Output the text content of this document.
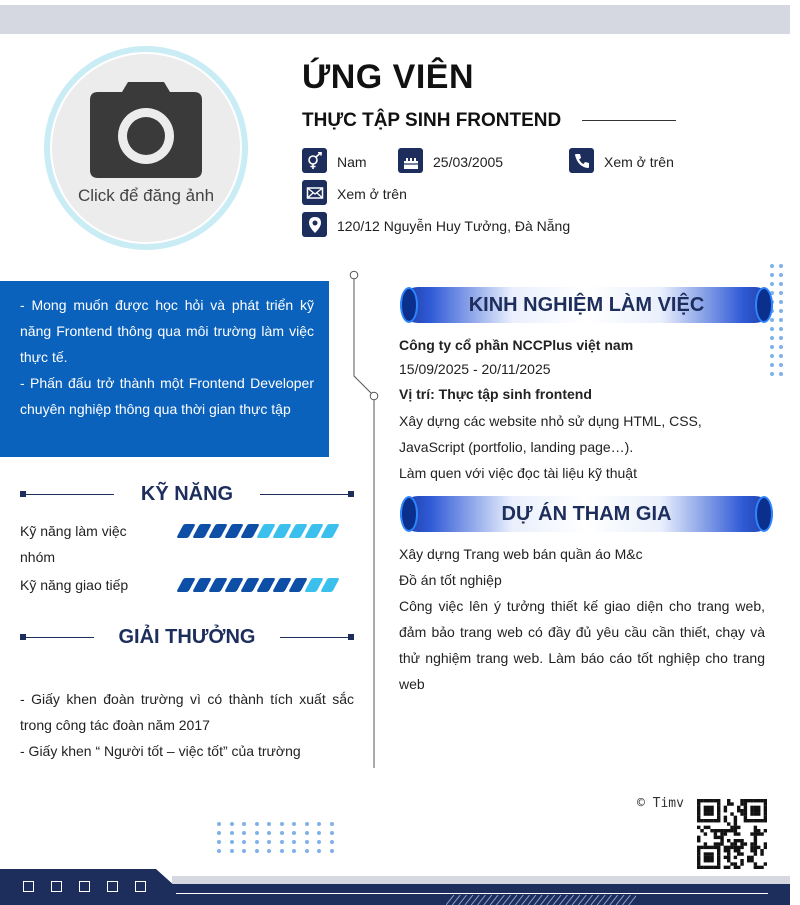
Click để đăng ảnh
ỨNG VIÊN
THỰC TẬP SINH FRONTEND
Nam	25/03/2005	Xem ở trên
Xem ở trên
120/12 Nguyễn Huy Tưởng, Đà Nẵng
- Mong muốn được học hỏi và phát triển kỹ năng Frontend thông qua môi trường làm việc thực tế.
- Phấn đấu trở thành một Frontend Developer chuyên nghiệp thông qua thời gian thực tập
KỸ NĂNG
Kỹ năng làm việc nhóm
Kỹ năng giao tiếp
GIẢI THƯỞNG
- Giấy khen đoàn trường vì có thành tích xuất sắc trong công tác đoàn năm 2017
- Giấy khen “ Người tốt – việc tốt” của trường
KINH NGHIỆM LÀM VIỆC
Công ty cổ phần NCCPlus việt nam
15/09/2025 - 20/11/2025
Vị trí: Thực tập sinh frontend
Xây dựng các website nhỏ sử dụng HTML, CSS, JavaScript (portfolio, landing page…).
Làm quen với việc đọc tài liệu kỹ thuật
DỰ ÁN THAM GIA
Xây dựng Trang web bán quần áo M&c
Đồ án tốt nghiệp
Công việc lên ý tưởng thiết kế giao diện cho trang web, đảm bảo trang web có đầy đủ yêu cầu cần thiết, chạy và thử nghiệm trang web. Làm báo cáo tốt nghiệp cho trang web
© Timv
